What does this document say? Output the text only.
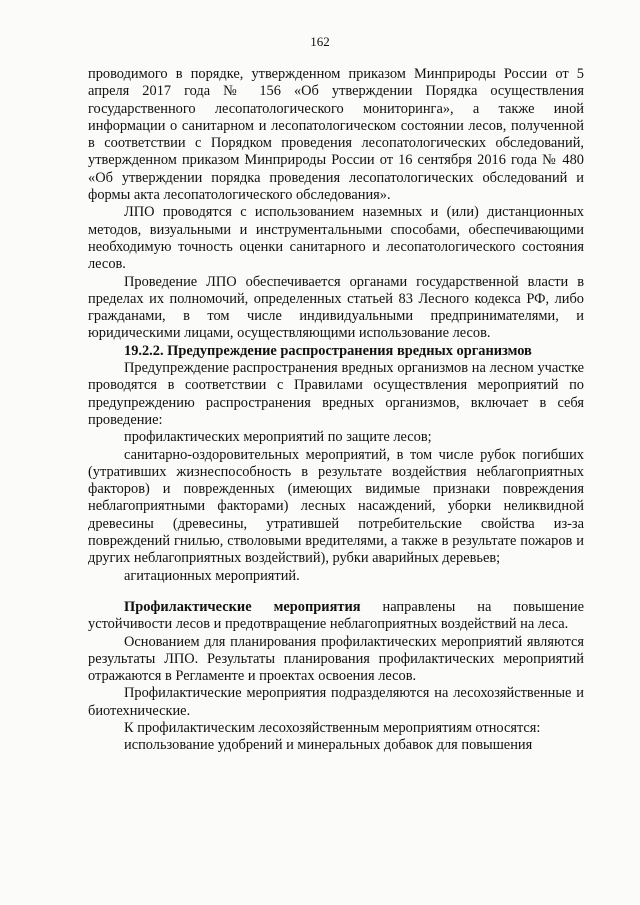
162

проводимого в порядке, утвержденном приказом Минприроды России от 5 апреля 2017 года № 156 «Об утверждении Порядка осуществления государственного лесопатологического мониторинга», а также иной информации о санитарном и лесопатологическом состоянии лесов, полученной в соответствии с Порядком проведения лесопатологических обследований, утвержденном приказом Минприроды России от 16 сентября 2016 года № 480 «Об утверждении порядка проведения лесопатологических обследований и формы акта лесопатологического обследования».

ЛПО проводятся с использованием наземных и (или) дистанционных методов, визуальными и инструментальными способами, обеспечивающими необходимую точность оценки санитарного и лесопатологического состояния лесов.

Проведение ЛПО обеспечивается органами государственной власти в пределах их полномочий, определенных статьей 83 Лесного кодекса РФ, либо гражданами, в том числе индивидуальными предпринимателями, и юридическими лицами, осуществляющими использование лесов.

19.2.2. Предупреждение распространения вредных организмов

Предупреждение распространения вредных организмов на лесном участке проводятся в соответствии с Правилами осуществления мероприятий по предупреждению распространения вредных организмов, включает в себя проведение:

профилактических мероприятий по защите лесов;

санитарно-оздоровительных мероприятий, в том числе рубок погибших (утративших жизнеспособность в результате воздействия неблагоприятных факторов) и поврежденных (имеющих видимые признаки повреждения неблагоприятными факторами) лесных насаждений, уборки неликвидной древесины (древесины, утратившей потребительские свойства из-за повреждений гнилью, стволовыми вредителями, а также в результате пожаров и других неблагоприятных воздействий), рубки аварийных деревьев;

агитационных мероприятий.

Профилактические мероприятия направлены на повышение устойчивости лесов и предотвращение неблагоприятных воздействий на леса.

Основанием для планирования профилактических мероприятий являются результаты ЛПО. Результаты планирования профилактических мероприятий отражаются в Регламенте и проектах освоения лесов.

Профилактические мероприятия подразделяются на лесохозяйственные и биотехнические.

К профилактическим лесохозяйственным мероприятиям относятся:

использование удобрений и минеральных добавок для повышения
